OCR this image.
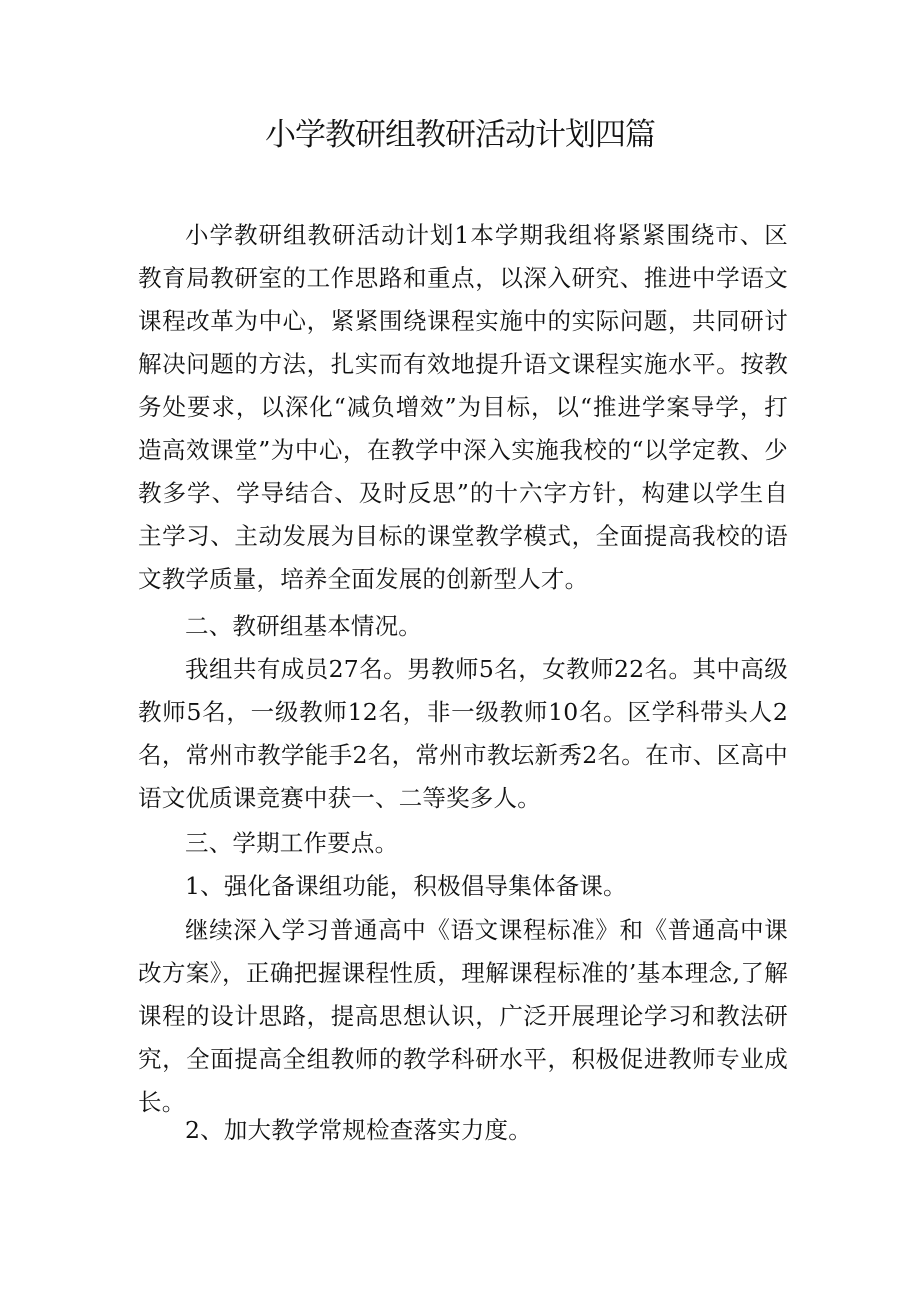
小学教研组教研活动计划四篇

小学教研组教研活动计划1本学期我组将紧紧围绕市、区教育局教研室的工作思路和重点，以深入研究、推进中学语文课程改革为中心，紧紧围绕课程实施中的实际问题，共同研讨解决问题的方法，扎实而有效地提升语文课程实施水平。按教务处要求，以深化“减负增效”为目标，以“推进学案导学，打造高效课堂”为中心，在教学中深入实施我校的“以学定教、少教多学、学导结合、及时反思”的十六字方针，构建以学生自主学习、主动发展为目标的课堂教学模式，全面提高我校的语文教学质量，培养全面发展的创新型人才。

二、教研组基本情况。

我组共有成员27名。男教师5名，女教师22名。其中高级教师5名，一级教师12名，非一级教师10名。区学科带头人2名，常州市教学能手2名，常州市教坛新秀2名。在市、区高中语文优质课竞赛中获一、二等奖多人。

三、学期工作要点。

1、强化备课组功能，积极倡导集体备课。

继续深入学习普通高中《语文课程标准》和《普通高中课改方案》，正确把握课程性质，理解课程标准的’基本理念,了解课程的设计思路，提高思想认识，广泛开展理论学习和教法研究，全面提高全组教师的教学科研水平，积极促进教师专业成长。

2、加大教学常规检查落实力度。
